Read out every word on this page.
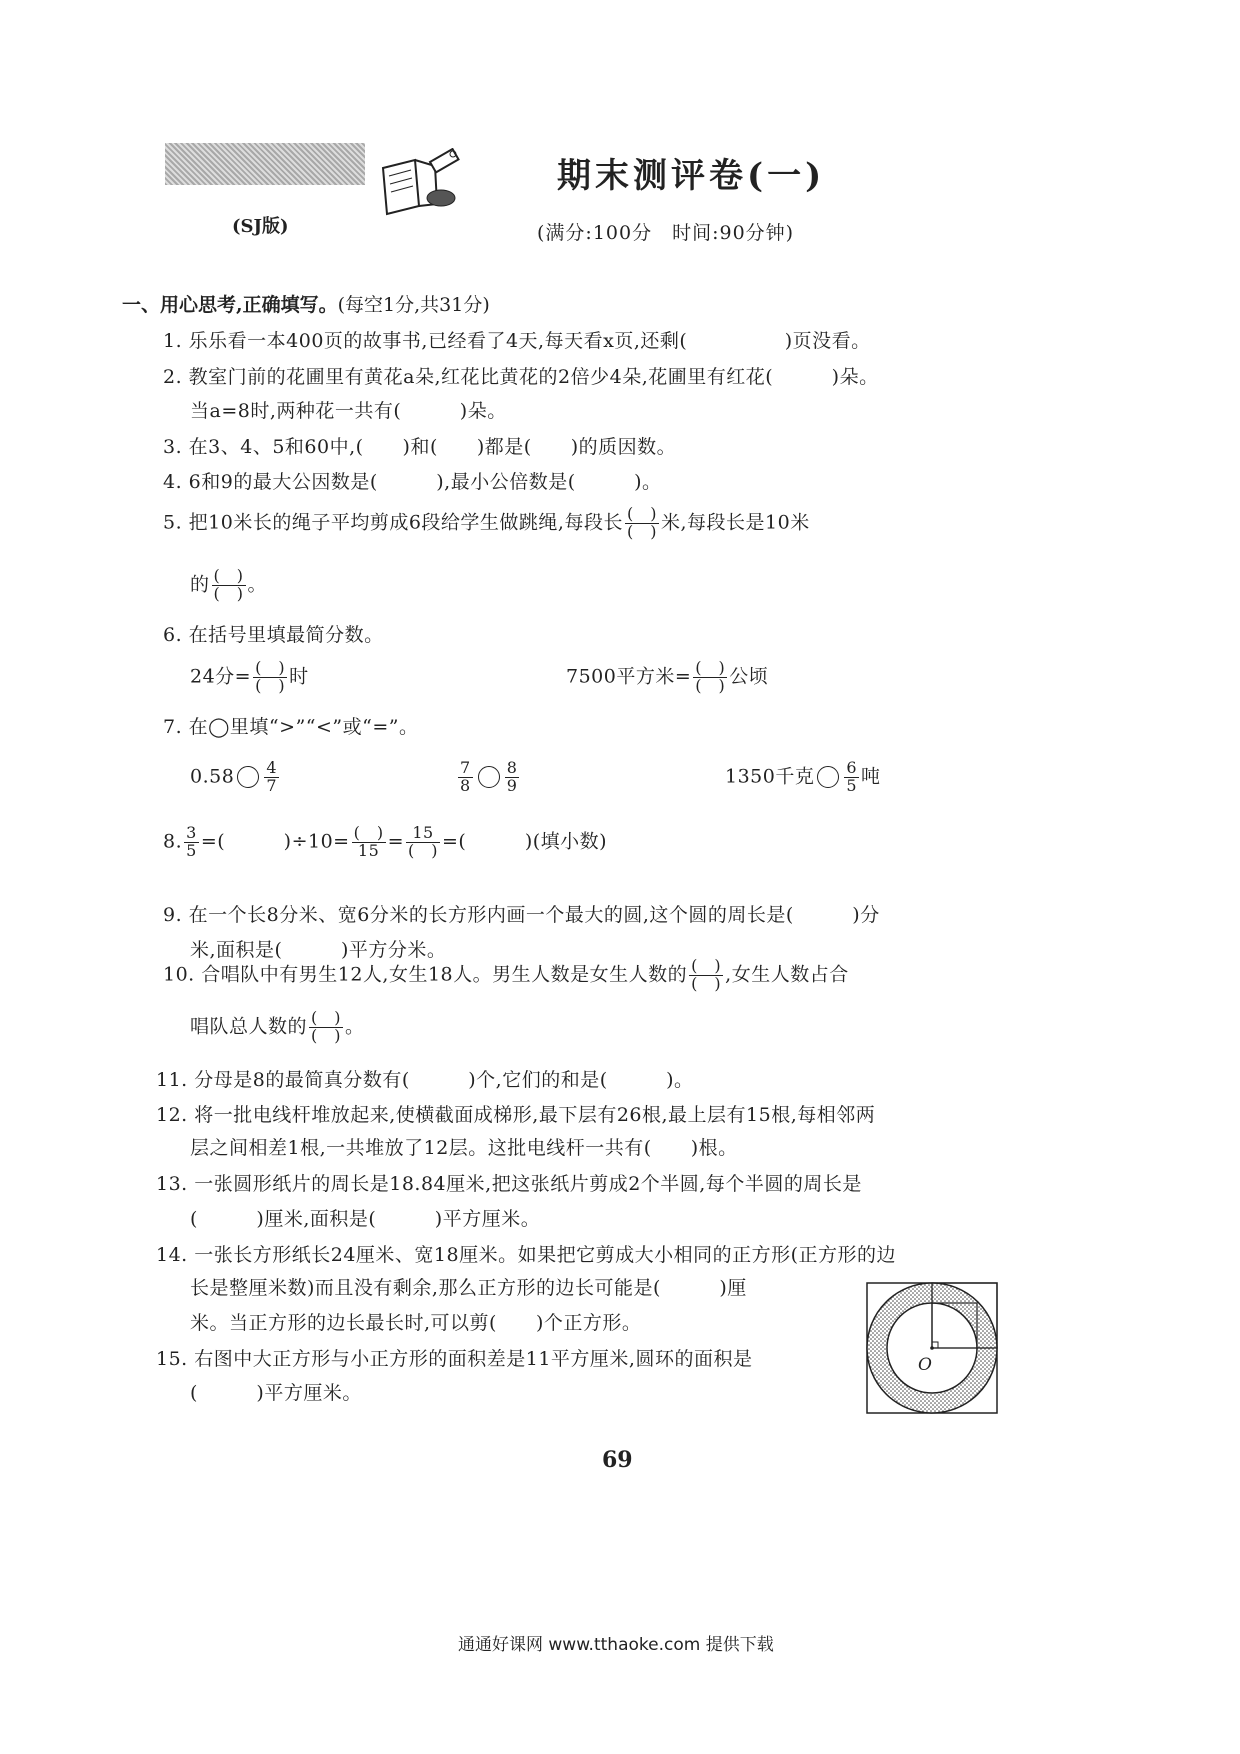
(SJ版)
期末测评卷(一)
(满分:100分　时间:90分钟)
一、用心思考,正确填写。(每空1分,共31分)
1. 乐乐看一本400页的故事书,已经看了4天,每天看x页,还剩(　　　　　)页没看。
2. 教室门前的花圃里有黄花a朵,红花比黄花的2倍少4朵,花圃里有红花(　　　)朵。
当a=8时,两种花一共有(　　　)朵。
3. 在3、4、5和60中,(　　)和(　　)都是(　　)的质因数。
4. 6和9的最大公因数是(　　　),最小公倍数是(　　　)。
5. 把10米长的绳子平均剪成6段给学生做跳绳,每段长 $\frac{( )}{( )}$ 米,每段长是10米
的 $\frac{( )}{( )}$ 。
6. 在括号里填最简分数。
24分= $\frac{( )}{( )}$ 时	7500平方米= $\frac{( )}{( )}$ 公顷
7. 在◯里填“>”“<”或“=”。
$0.58 \frac{4}{7}$	$\frac{7}{8} \frac{8}{9}$	1350千克 $\frac{6}{5}$ 吨
8. $\frac{3}{5}$ =(　　　)$\div 10= \frac{( )}{15} = \frac{15}{( )}$ =(　　　)(填小数)
9. 在一个长8分米、宽6分米的长方形内画一个最大的圆,这个圆的周长是(　　　)分
米,面积是(　　　)平方分米。
10. 合唱队中有男生12人,女生18人。男生人数是女生人数的 $\frac{( )}{( )}$ ,女生人数占合
唱队总人数的 $\frac{( )}{( )}$ 。
11. 分母是8的最简真分数有(　　　)个,它们的和是(　　　)。
12. 将一批电线杆堆放起来,使横截面成梯形,最下层有26根,最上层有15根,每相邻两
层之间相差1根,一共堆放了12层。这批电线杆一共有(　　)根。
13. 一张圆形纸片的周长是18.84厘米,把这张纸片剪成2个半圆,每个半圆的周长是
(　　　)厘米,面积是(　　　)平方厘米。
14. 一张长方形纸长24厘米、宽18厘米。如果把它剪成大小相同的正方形(正方形的边
长是整厘米数)而且没有剩余,那么正方形的边长可能是(　　　)厘
米。当正方形的边长最长时,可以剪(　　)个正方形。
15. 右图中大正方形与小正方形的面积差是11平方厘米,圆环的面积是
(　　　)平方厘米。
O
69
通通好课网 www.tthaoke.com 提供下载
